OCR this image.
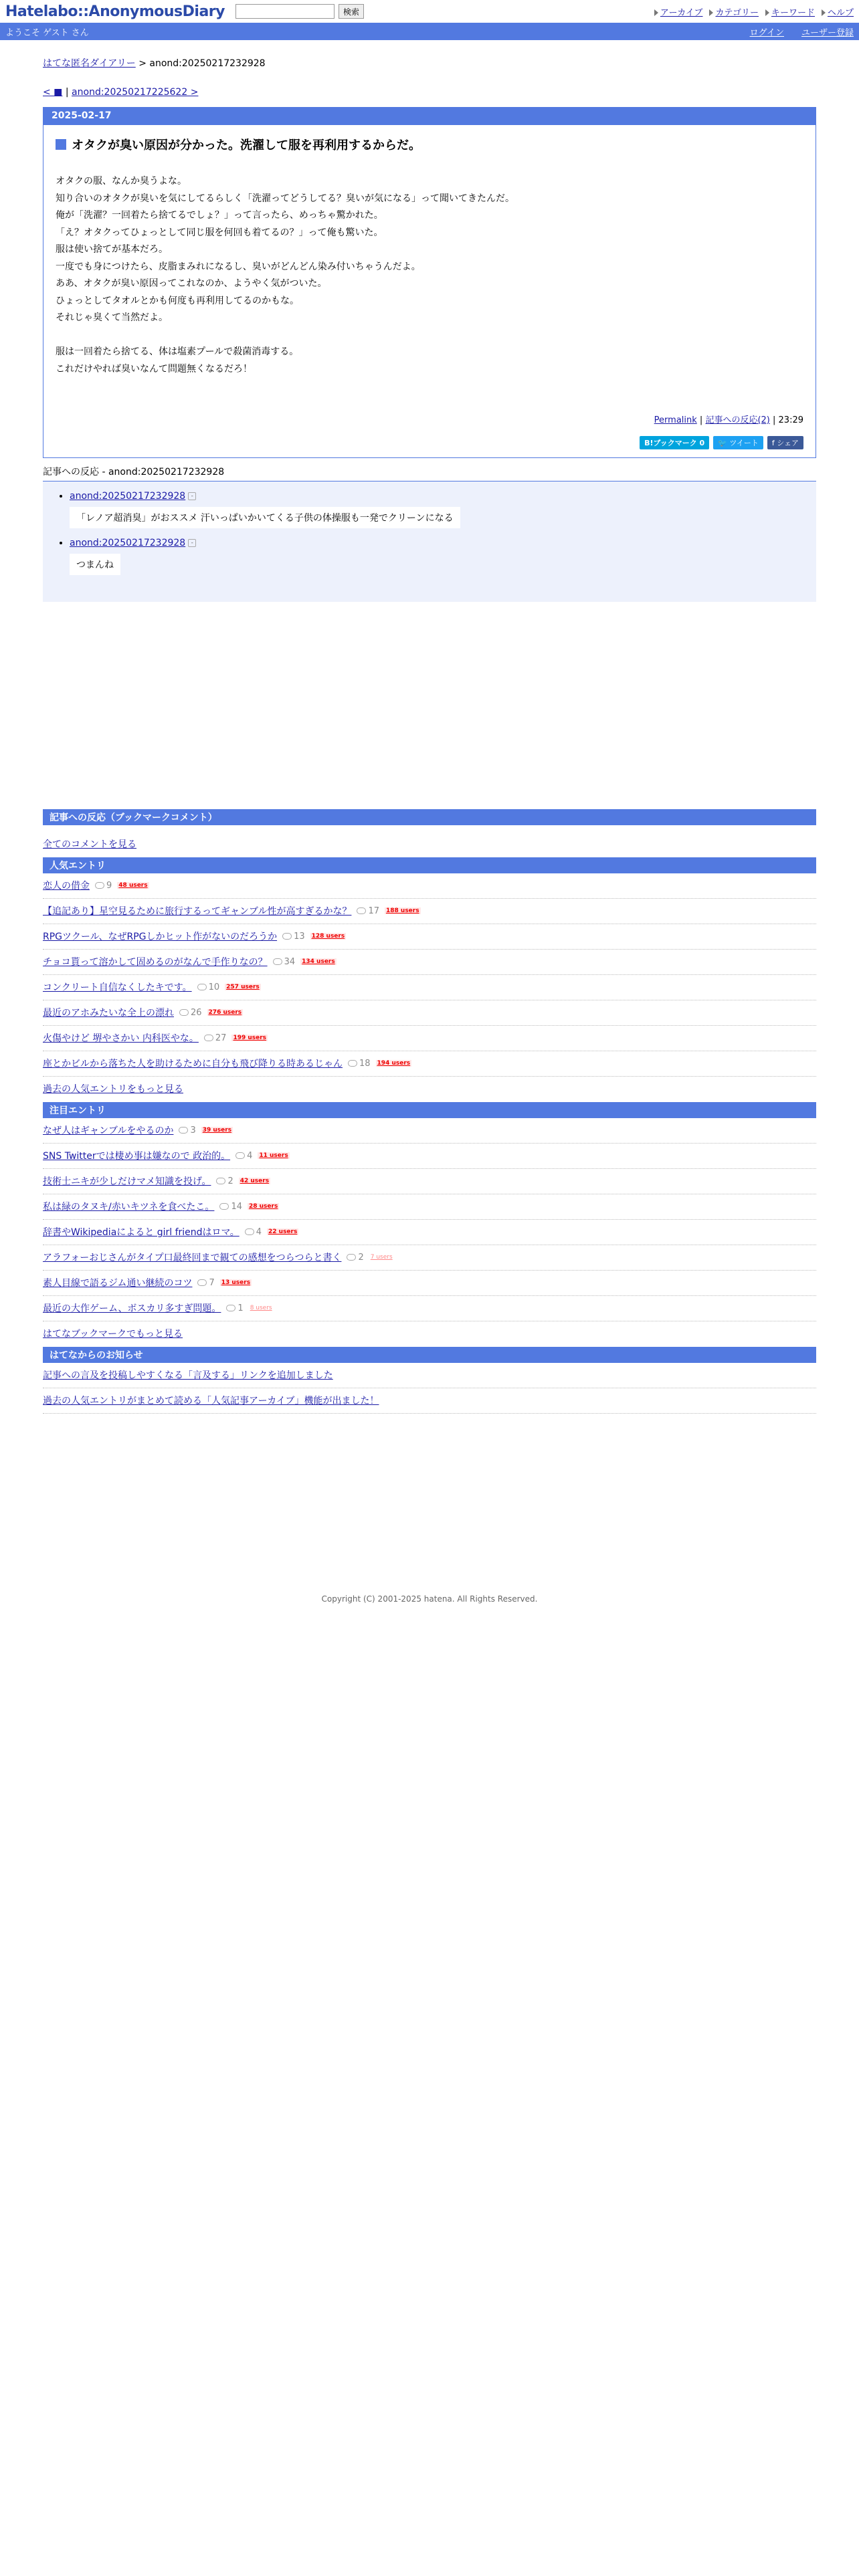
Hatelabo::AnonymousDiary	検索	アーカイブ	カテゴリー	キーワード	ヘルプ
ようこそ ゲスト さん	ログイン ユーザー登録
はてな匿名ダイアリー > anond:20250217232928
< ■ | anond:20250217225622 >
2025-02-17
オタクが臭い原因が分かった。洗濯して服を再利用するからだ。

オタクの服、なんか臭うよな。

知り合いのオタクが臭いを気にしてるらしく「洗濯ってどうしてる？臭いが気になる」って聞いてきたんだ。

俺が「洗濯？一回着たら捨てるでしょ？」って言ったら、めっちゃ驚かれた。

「え？オタクってひょっとして同じ服を何回も着てるの？」って俺も驚いた。

服は使い捨てが基本だろ。

一度でも身につけたら、皮脂まみれになるし、臭いがどんどん染み付いちゃうんだよ。

ああ、オタクが臭い原因ってこれなのか、ようやく気がついた。

ひょっとしてタオルとかも何度も再利用してるのかもな。

それじゃ臭くて当然だよ。

服は一回着たら捨てる、体は塩素プールで殺菌消毒する。

これだけやれば臭いなんて問題無くなるだろ！

Permalink | 記事への反応(2) | 23:29
B!ブックマーク 0	🐦 ツイート	f シェア
記事への反応 - anond:20250217232928
• anond:20250217232928 -
「レノア超消臭」がおススメ 汗いっぱいかいてくる子供の体操服も一発でクリーンになる
• anond:20250217232928 -
つまんね
記事への反応（ブックマークコメント）
全てのコメントを見る
人気エントリ
恋人の借金 9 48 users
【追記あり】星空見るために旅行するってギャンブル性が高すぎるかな？ 17 188 users
RPGツクール、なぜRPGしかヒット作がないのだろうか 13 128 users
チョコ貰って溶かして固めるのがなんで手作りなの？ 34 134 users
コンクリート自信なくしたキです。 10 257 users
最近のアホみたいな全上の漂れ 26 276 users
火傷やけど 堺やさかい 内科医やな。 27 199 users
座とかビルから落ちた人を助けるために自分も飛び降りる時あるじゃん 18 194 users
過去の人気エントリをもっと見る
注目エントリ
なぜ人はギャンブルをやるのか 3 39 users
SNS Twitterでは棲め事は嫌なので 政治的。 4 11 users
技術士ニキが少しだけマメ知識を投げ。 2 42 users
私は緑のタヌキ/赤いキツネを食べたこ。 14 28 users
辞書やWikipediaによると girl friendはロマ。 4 22 users
アラフォーおじさんがタイプ口最終回まで観ての感想をつらつらと書く 2 7 users
素人目線で語るジム通い継続のコツ 7 13 users
最近の大作ゲーム、ボスカリ多すぎ問題。 1 8 users
はてなブックマークでもっと見る
はてなからのお知らせ
記事への言及を投稿しやすくなる「言及する」リンクを追加しました
過去の人気エントリがまとめて読める「人気記事アーカイブ」機能が出ました！
Copyright (C) 2001-2025 hatena. All Rights Reserved.
